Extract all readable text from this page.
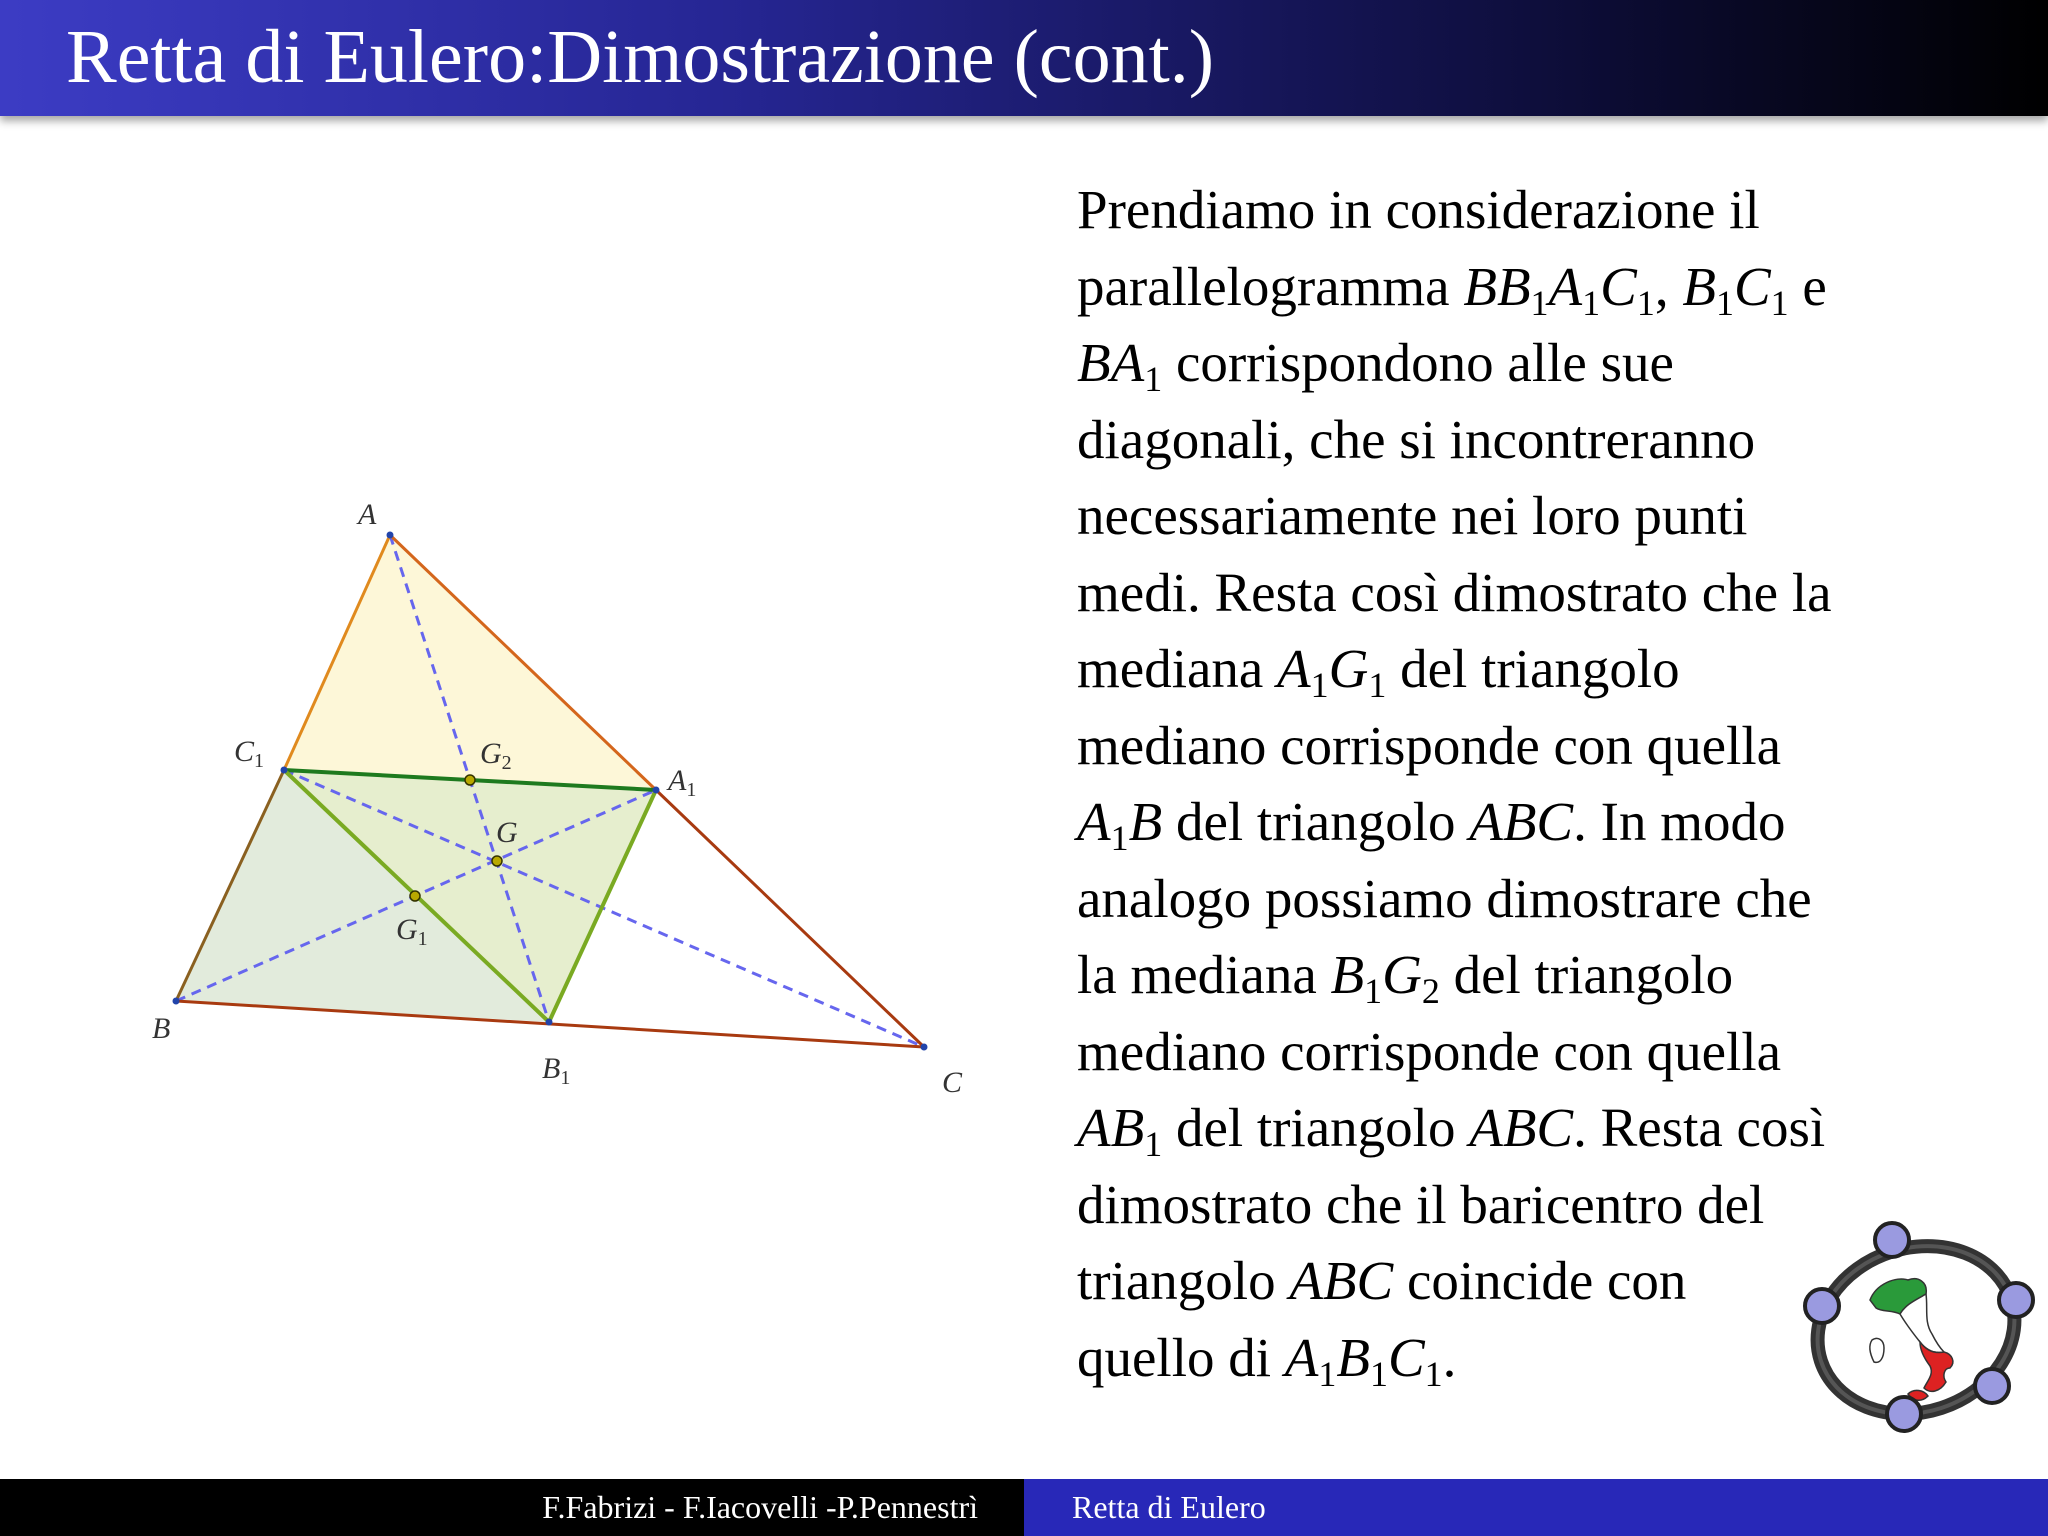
Retta di Eulero:Dimostrazione (cont.)
A
B
C
G
$A_1$
$B_1$
$C_1$
$G_1$
$G_2$
Prendiamo in considerazione il
parallelogramma $BB_1A_1C_1$, $B_1C_1$ e
$BA_1$ corrispondono alle sue
diagonali, che si incontreranno
necessariamente nei loro punti
medi. Resta così dimostrato che la
mediana $A_1G_1$ del triangolo
mediano corrisponde con quella
$A_1B$ del triangolo ABC. In modo
analogo possiamo dimostrare che
la mediana $B_1G_2$ del triangolo
mediano corrisponde con quella
$AB_1$ del triangolo ABC. Resta così
dimostrato che il baricentro del
triangolo ABC coincide con
quello di $A_1B_1C_1$.
F.Fabrizi - F.Iacovelli -P.Pennestrì	Retta di Eulero
